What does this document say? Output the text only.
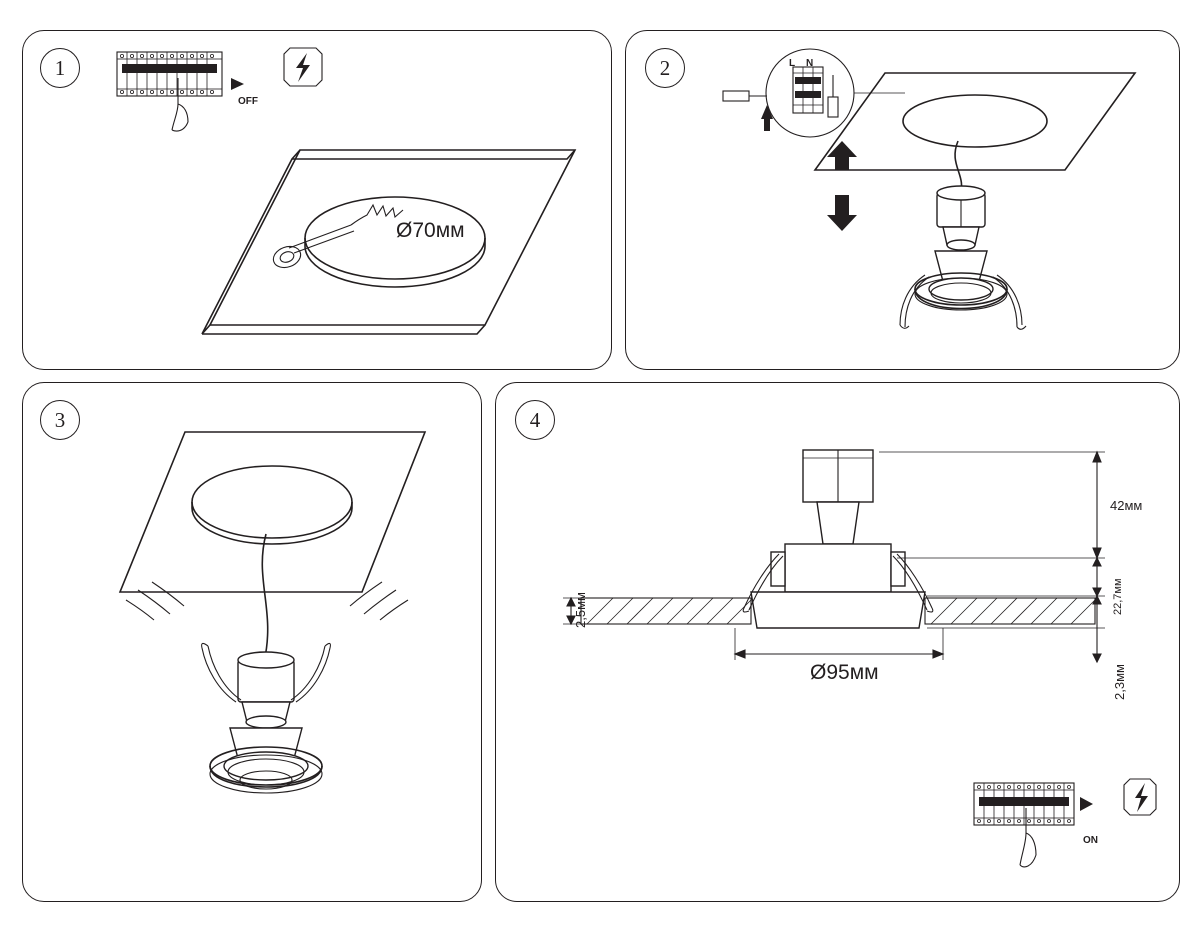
1
OFF
Ø70мм
2	L N
3	4
42мм
22,7мм
2,3мм
2,5мм
Ø95мм
ON
